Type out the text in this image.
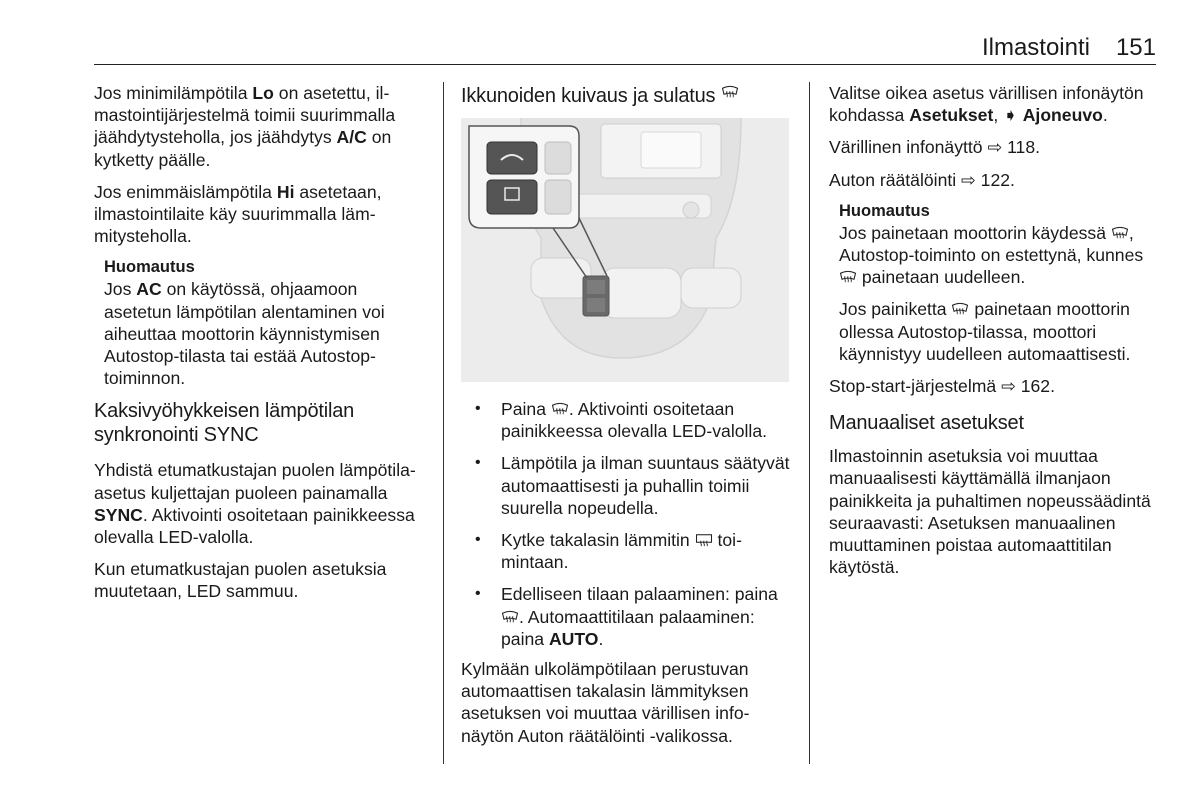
Ilmastointi 151

Jos minimilämpötila Lo on asetettu, ilmastointijärjestelmä toimii suurimmalla jäähdytysteholla, jos jäähdytys A/C on kytketty päälle.

Jos enimmäislämpötila Hi asetetaan, ilmastointilaite käy suurimmalla lämmitysteholla.

Huomautus
Jos AC on käytössä, ohjaamoon asetetun lämpötilan alentaminen voi aiheuttaa moottorin käynnistymisen Autostop-tilasta tai estää Autostoptoiminnon.
Kaksivyöhykkeisen lämpötilan synkronointi SYNC

Yhdistä etumatkustajan puolen lämpötila-asetus kuljettajan puoleen painamalla SYNC. Aktivointi osoitetaan painikkeessa olevalla LED-valolla.

Kun etumatkustajan puolen asetuksia muutetaan, LED sammuu.

Ikkunoiden kuivaus ja sulatus
• Paina
. Aktivointi osoitetaan painikkeessa olevalla LED-valolla.
• Lämpötila ja ilman suuntaus säätyvät automaattisesti ja puhallin toimii suurella nopeudella.
• Kytke takalasin lämmitin
toimintaan.
• Edelliseen tilaan palaaminen: paina
. Automaattitilaan palaaminen: paina AUTO.

Kylmään ulkolämpötilaan perustuvan automaattisen takalasin lämmityksen asetuksen voi muuttaa värillisen infonäytön Auton räätälöinti -valikossa.

Valitse oikea asetus värillisen infonäytön kohdassa Asetukset, ➧ Ajoneuvo.

Värillinen infonäyttö ⇨ 118.

Auton räätälöinti ⇨ 122.

Huomautus
Jos painetaan moottorin käydessä
, Autostop-toiminto on estettynä, kunnes
painetaan uudelleen.
Jos painiketta
painetaan moottorin ollessa Autostop-tilassa, moottori käynnistyy uudelleen automaattisesti.

Stop-start-järjestelmä ⇨ 162.

Manuaaliset asetukset

Ilmastoinnin asetuksia voi muuttaa manuaalisesti käyttämällä ilmanjaon painikkeita ja puhaltimen nopeussäädintä seuraavasti: Asetuksen manuaalinen muuttaminen poistaa automaattitilan käytöstä.
